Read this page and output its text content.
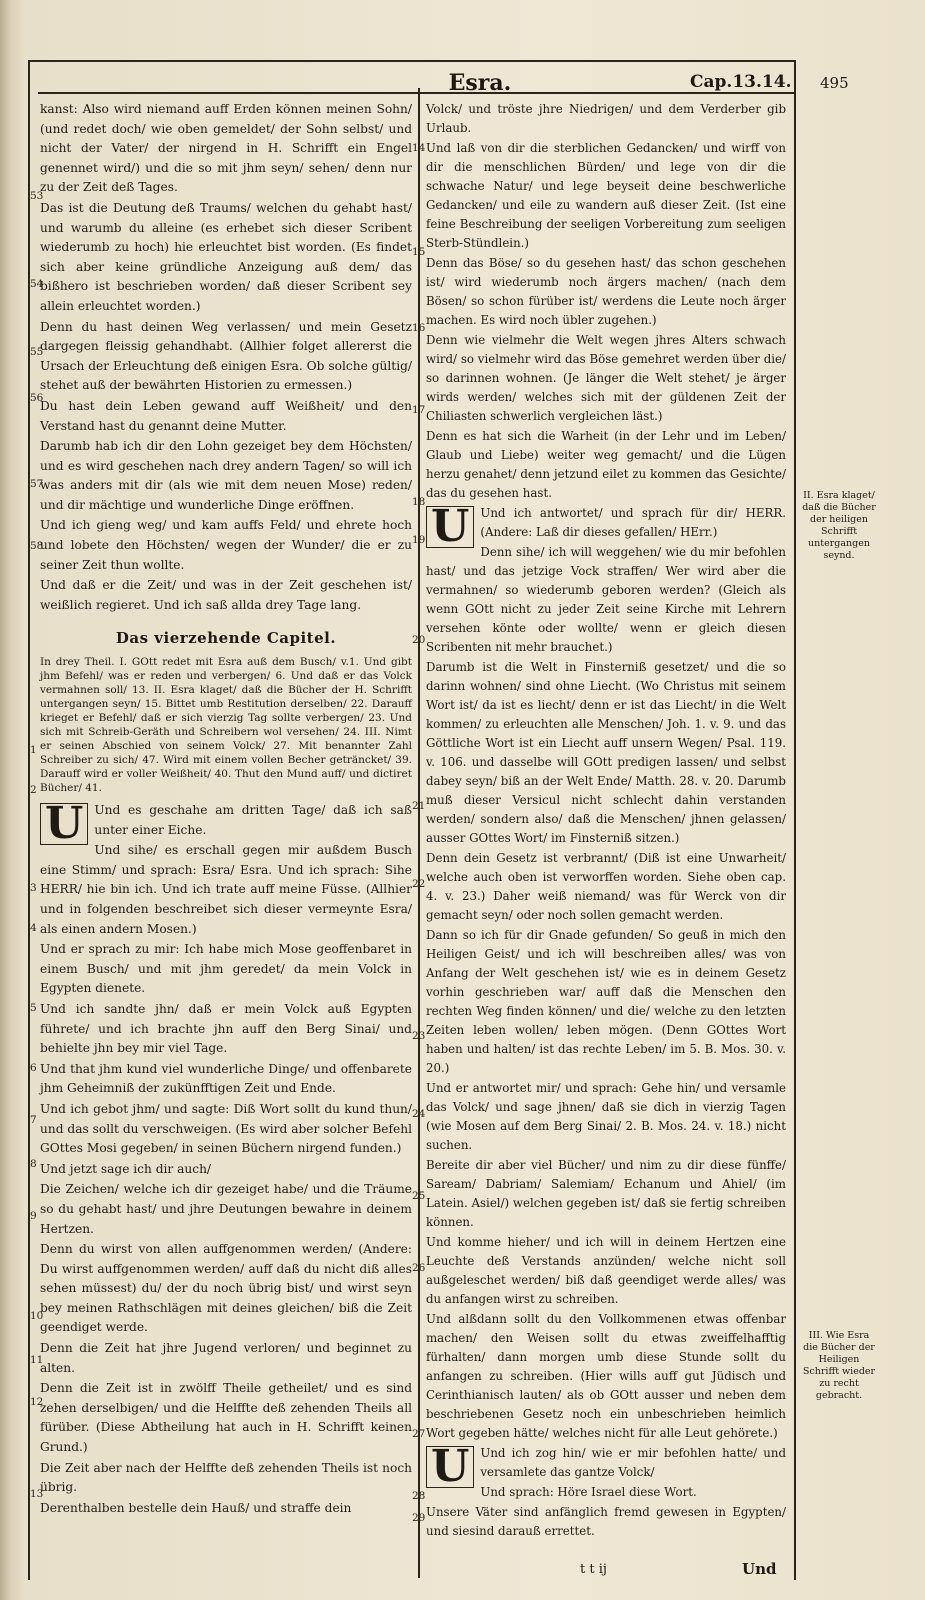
Esra.	Cap.13.14. 495
53
54
55
56
57
58
1
2
3
4
5
6
7
8
9
10
11
12
13

kanst: Also wird niemand auff Erden können meinen Sohn/ (und redet doch/ wie oben gemeldet/ der Sohn selbst/ und nicht der Vater/ der nirgend in H. Schrifft ein Engel genennet wird/) und die so mit jhm seyn/ sehen/ denn nur zu der Zeit deß Tages.

Das ist die Deutung deß Traums/ welchen du gehabt hast/ und warumb du alleine (es erhebet sich dieser Scribent wiederumb zu hoch) hie erleuchtet bist worden. (Es findet sich aber keine gründliche Anzeigung auß dem/ das bißhero ist beschrieben worden/ daß dieser Scribent sey allein erleuchtet worden.)

Denn du hast deinen Weg verlassen/ und mein Gesetz dargegen fleissig gehandhabt. (Allhier folget allererst die Ursach der Erleuchtung deß einigen Esra. Ob solche gültig/ stehet auß der bewährten Historien zu ermessen.)

Du hast dein Leben gewand auff Weißheit/ und den Verstand hast du genannt deine Mutter.

Darumb hab ich dir den Lohn gezeiget bey dem Höchsten/ und es wird geschehen nach drey andern Tagen/ so will ich was anders mit dir (als wie mit dem neuen Mose) reden/ und dir mächtige und wunderliche Dinge eröffnen.

Und ich gieng weg/ und kam auffs Feld/ und ehrete hoch und lobete den Höchsten/ wegen der Wunder/ die er zu seiner Zeit thun wollte.

Und daß er die Zeit/ und was in der Zeit geschehen ist/ weißlich regieret. Und ich saß allda drey Tage lang.

Das vierzehende Capitel.
In drey Theil. I. GOtt redet mit Esra auß dem Busch/ v.1. Und gibt jhm Befehl/ was er reden und verbergen/ 6. Und daß er das Volck vermahnen soll/ 13. II. Esra klaget/ daß die Bücher der H. Schrifft untergangen seyn/ 15. Bittet umb Restitution derselben/ 22. Darauff krieget er Befehl/ daß er sich vierzig Tag sollte verbergen/ 23. Und sich mit Schreib-Geräth und Schreibern wol versehen/ 24. III. Nimt er seinen Abschied von seinem Volck/ 27. Mit benannter Zahl Schreiber zu sich/ 47. Wird mit einem vollen Becher geträncket/ 39. Darauff wird er voller Weißheit/ 40. Thut den Mund auff/ und dictiret Bücher/ 41.

U Und es geschahe am dritten Tage/ daß ich saß unter einer Eiche.

Und sihe/ es erschall gegen mir außdem Busch eine Stimm/ und sprach: Esra/ Esra. Und ich sprach: Sihe HERR/ hie bin ich. Und ich trate auff meine Füsse. (Allhier und in folgenden beschreibet sich dieser vermeynte Esra/ als einen andern Mosen.)

Und er sprach zu mir: Ich habe mich Mose geoffenbaret in einem Busch/ und mit jhm geredet/ da mein Volck in Egypten dienete.

Und ich sandte jhn/ daß er mein Volck auß Egypten führete/ und ich brachte jhn auff den Berg Sinai/ und behielte jhn bey mir viel Tage.

Und that jhm kund viel wunderliche Dinge/ und offenbarete jhm Geheimniß der zukünfftigen Zeit und Ende.

Und ich gebot jhm/ und sagte: Diß Wort sollt du kund thun/ und das sollt du verschweigen. (Es wird aber solcher Befehl GOttes Mosi gegeben/ in seinen Büchern nirgend funden.)

Und jetzt sage ich dir auch/

Die Zeichen/ welche ich dir gezeiget habe/ und die Träume so du gehabt hast/ und jhre Deutungen bewahre in deinem Hertzen.

Denn du wirst von allen auffgenommen werden/ (Andere: Du wirst auffgenommen werden/ auff daß du nicht diß alles sehen müssest) du/ der du noch übrig bist/ und wirst seyn bey meinen Rathschlägen mit deines gleichen/ biß die Zeit geendiget werde.

Denn die Zeit hat jhre Jugend verloren/ und beginnet zu alten.

Denn die Zeit ist in zwölff Theile getheilet/ und es sind zehen derselbigen/ und die Helffte deß zehenden Theils all fürüber. (Diese Abtheilung hat auch in H. Schrifft keinen Grund.)

Die Zeit aber nach der Helffte deß zehenden Theils ist noch übrig.

Derenthalben bestelle dein Hauß/ und straffe dein

14
15
16
17
18
19
20
21
22
23
24
25
26
27
28
29

Volck/ und tröste jhre Niedrigen/ und dem Verderber gib Urlaub.

Und laß von dir die sterblichen Gedancken/ und wirff von dir die menschlichen Bürden/ und lege von dir die schwache Natur/ und lege beyseit deine beschwerliche Gedancken/ und eile zu wandern auß dieser Zeit. (Ist eine feine Beschreibung der seeligen Vorbereitung zum seeligen Sterb-Stündlein.)

Denn das Böse/ so du gesehen hast/ das schon geschehen ist/ wird wiederumb noch ärgers machen/ (nach dem Bösen/ so schon fürüber ist/ werdens die Leute noch ärger machen. Es wird noch übler zugehen.)

Denn wie vielmehr die Welt wegen jhres Alters schwach wird/ so vielmehr wird das Böse gemehret werden über die/ so darinnen wohnen. (Je länger die Welt stehet/ je ärger wirds werden/ welches sich mit der güldenen Zeit der Chiliasten schwerlich vergleichen läst.)

Denn es hat sich die Warheit (in der Lehr und im Leben/ Glaub und Liebe) weiter weg gemacht/ und die Lügen herzu genahet/ denn jetzund eilet zu kommen das Gesichte/ das du gesehen hast.

U Und ich antwortet/ und sprach für dir/ HERR. (Andere: Laß dir dieses gefallen/ HErr.)

Denn sihe/ ich will weggehen/ wie du mir befohlen hast/ und das jetzige Vock straffen/ Wer wird aber die vermahnen/ so wiederumb geboren werden? (Gleich als wenn GOtt nicht zu jeder Zeit seine Kirche mit Lehrern versehen könte oder wollte/ wenn er gleich diesen Scribenten nit mehr brauchet.)

Darumb ist die Welt in Finsterniß gesetzet/ und die so darinn wohnen/ sind ohne Liecht. (Wo Christus mit seinem Wort ist/ da ist es liecht/ denn er ist das Liecht/ in die Welt kommen/ zu erleuchten alle Menschen/ Joh. 1. v. 9. und das Göttliche Wort ist ein Liecht auff unsern Wegen/ Psal. 119. v. 106. und dasselbe will GOtt predigen lassen/ und selbst dabey seyn/ biß an der Welt Ende/ Matth. 28. v. 20. Darumb muß dieser Versicul nicht schlecht dahin verstanden werden/ sondern also/ daß die Menschen/ jhnen gelassen/ ausser GOttes Wort/ im Finsterniß sitzen.)

Denn dein Gesetz ist verbrannt/ (Diß ist eine Unwarheit/ welche auch oben ist verworffen worden. Siehe oben cap. 4. v. 23.) Daher weiß niemand/ was für Werck von dir gemacht seyn/ oder noch sollen gemacht werden.

Dann so ich für dir Gnade gefunden/ So geuß in mich den Heiligen Geist/ und ich will beschreiben alles/ was von Anfang der Welt geschehen ist/ wie es in deinem Gesetz vorhin geschrieben war/ auff daß die Menschen den rechten Weg finden können/ und die/ welche zu den letzten Zeiten leben wollen/ leben mögen. (Denn GOttes Wort haben und halten/ ist das rechte Leben/ im 5. B. Mos. 30. v. 20.)

Und er antwortet mir/ und sprach: Gehe hin/ und versamle das Volck/ und sage jhnen/ daß sie dich in vierzig Tagen (wie Mosen auf dem Berg Sinai/ 2. B. Mos. 24. v. 18.) nicht suchen.

Bereite dir aber viel Bücher/ und nim zu dir diese fünffe/ Saream/ Dabriam/ Salemiam/ Echanum und Ahiel/ (im Latein. Asiel/) welchen gegeben ist/ daß sie fertig schreiben können.

Und komme hieher/ und ich will in deinem Hertzen eine Leuchte deß Verstands anzünden/ welche nicht soll außgeleschet werden/ biß daß geendiget werde alles/ was du anfangen wirst zu schreiben.

Und alßdann sollt du den Vollkommenen etwas offenbar machen/ den Weisen sollt du etwas zweiffelhafftig fürhalten/ dann morgen umb diese Stunde sollt du anfangen zu schreiben. (Hier wills auff gut Jüdisch und Cerinthianisch lauten/ als ob GOtt ausser und neben dem beschriebenen Gesetz noch ein unbeschrieben heimlich Wort gegeben hätte/ welches nicht für alle Leut gehörete.)

U Und ich zog hin/ wie er mir befohlen hatte/ und versamlete das gantze Volck/

Und sprach: Höre Israel diese Wort.

Unsere Väter sind anfänglich fremd gewesen in Egypten/ und siesind darauß errettet.

II. Esra klaget/ daß die Bücher der heiligen Schrifft untergangen seynd.
III. Wie Esra die Bücher der Heiligen Schrifft wieder zu recht gebracht.
t t ij	Und
